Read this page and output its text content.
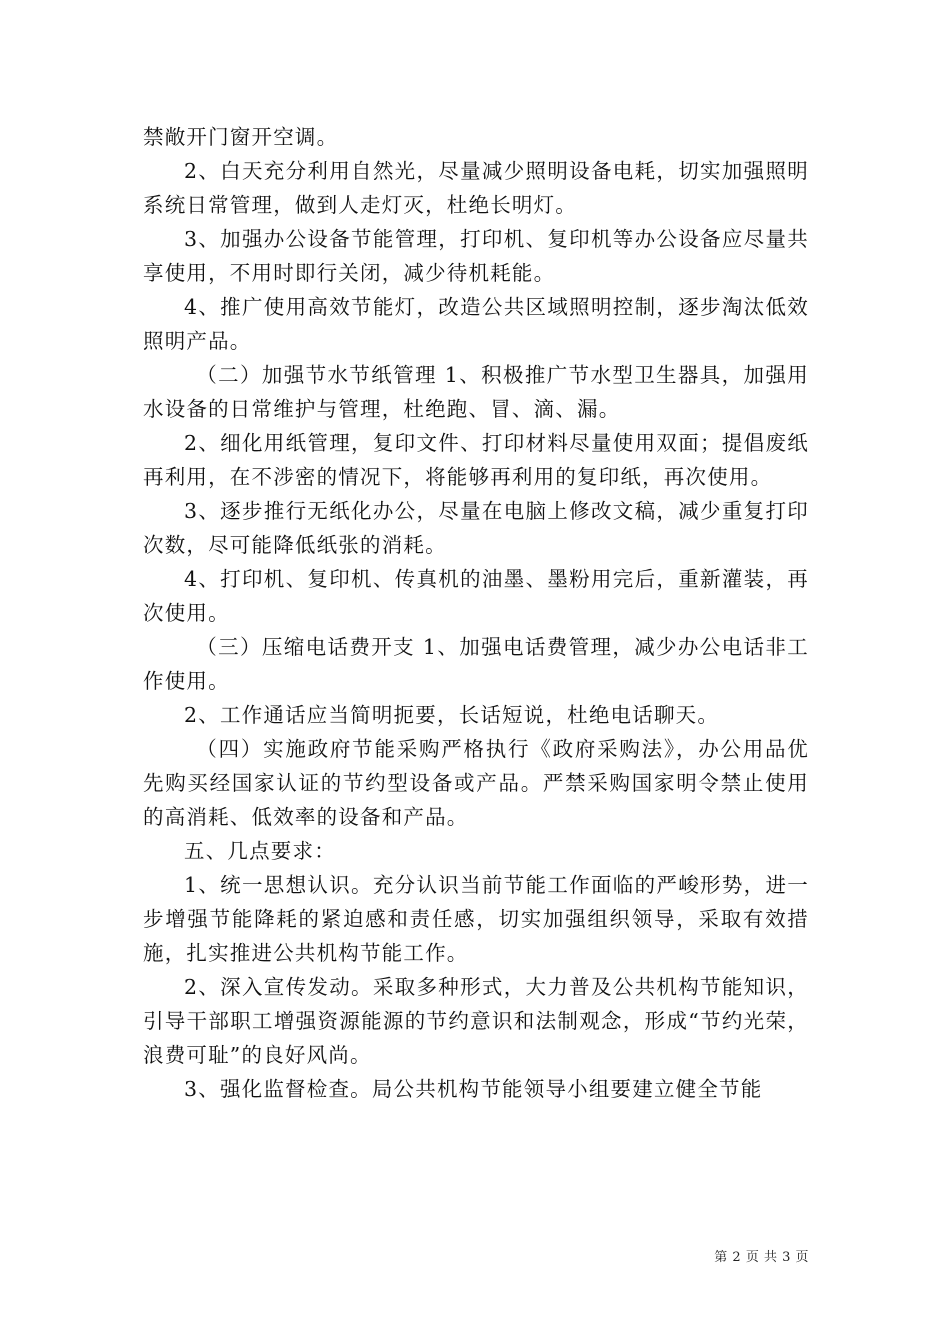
禁敞开门窗开空调。

2、白天充分利用自然光，尽量减少照明设备电耗，切实加强照明系统日常管理，做到人走灯灭，杜绝长明灯。

3、加强办公设备节能管理，打印机、复印机等办公设备应尽量共享使用，不用时即行关闭，减少待机耗能。

4、推广使用高效节能灯，改造公共区域照明控制，逐步淘汰低效照明产品。

（二）加强节水节纸管理 1、积极推广节水型卫生器具，加强用水设备的日常维护与管理，杜绝跑、冒、滴、漏。

2、细化用纸管理，复印文件、打印材料尽量使用双面；提倡废纸再利用，在不涉密的情况下，将能够再利用的复印纸，再次使用。

3、逐步推行无纸化办公，尽量在电脑上修改文稿，减少重复打印次数，尽可能降低纸张的消耗。

4、打印机、复印机、传真机的油墨、墨粉用完后，重新灌装，再次使用。

（三）压缩电话费开支 1、加强电话费管理，减少办公电话非工作使用。

2、工作通话应当简明扼要，长话短说，杜绝电话聊天。

（四）实施政府节能采购严格执行《政府采购法》，办公用品优先购买经国家认证的节约型设备或产品。严禁采购国家明令禁止使用的高消耗、低效率的设备和产品。

五、几点要求：

1、统一思想认识。充分认识当前节能工作面临的严峻形势，进一步增强节能降耗的紧迫感和责任感，切实加强组织领导，采取有效措施，扎实推进公共机构节能工作。

2、深入宣传发动。采取多种形式，大力普及公共机构节能知识，引导干部职工增强资源能源的节约意识和法制观念，形成“节约光荣，浪费可耻”的良好风尚。

3、强化监督检查。局公共机构节能领导小组要建立健全节能

第 2 页 共 3 页
